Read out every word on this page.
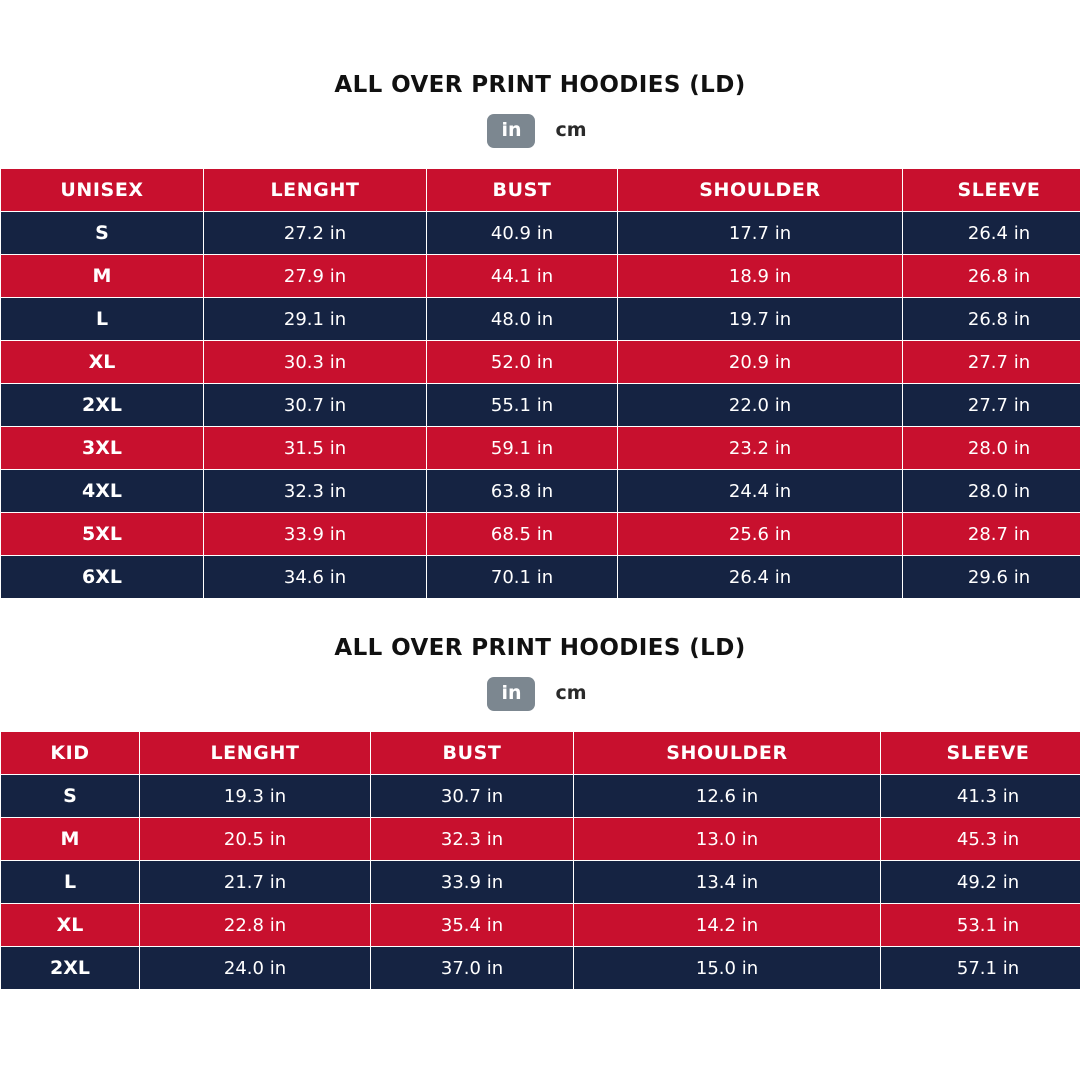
ALL OVER PRINT HOODIES (LD)
in	cm
UNISEX	LENGHT	BUST	SHOULDER	SLEEVE
S	27.2 in	40.9 in	17.7 in	26.4 in
M	27.9 in	44.1 in	18.9 in	26.8 in
L	29.1 in	48.0 in	19.7 in	26.8 in
XL	30.3 in	52.0 in	20.9 in	27.7 in
2XL	30.7 in	55.1 in	22.0 in	27.7 in
3XL	31.5 in	59.1 in	23.2 in	28.0 in
4XL	32.3 in	63.8 in	24.4 in	28.0 in
5XL	33.9 in	68.5 in	25.6 in	28.7 in
6XL	34.6 in	70.1 in	26.4 in	29.6 in
ALL OVER PRINT HOODIES (LD)
in	cm
KID	LENGHT	BUST	SHOULDER	SLEEVE
S	19.3 in	30.7 in	12.6 in	41.3 in
M	20.5 in	32.3 in	13.0 in	45.3 in
L	21.7 in	33.9 in	13.4 in	49.2 in
XL	22.8 in	35.4 in	14.2 in	53.1 in
2XL	24.0 in	37.0 in	15.0 in	57.1 in
